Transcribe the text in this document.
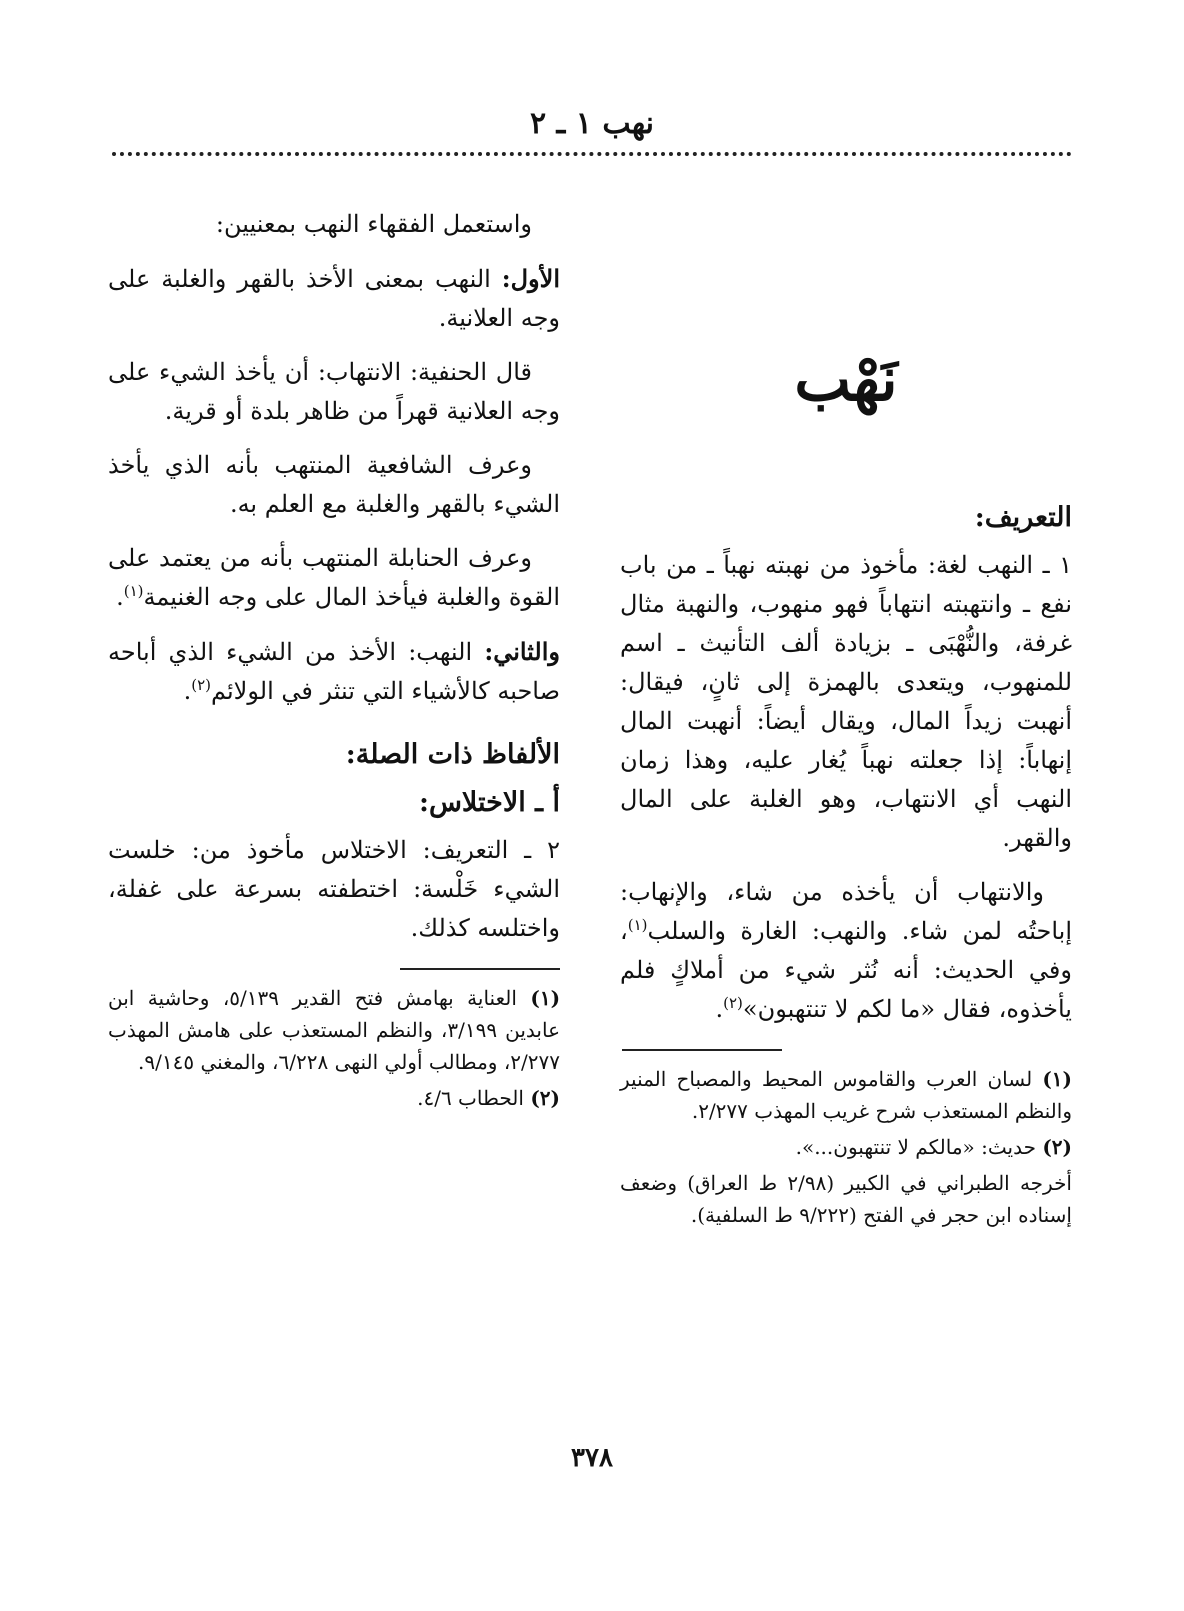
نهب ١ ـ ٢
نَهْب
التعريف:

١ ـ النهب لغة: مأخوذ من نهبته نهباً ـ من باب نفع ـ وانتهبته انتهاباً فهو منهوب، والنهبة مثال غرفة، والنُّهْبَى ـ بزيادة ألف التأنيث ـ اسم للمنهوب، ويتعدى بالهمزة إلى ثانٍ، فيقال: أنهبت زيداً المال، ويقال أيضاً: أنهبت المال إنهاباً: إذا جعلته نهباً يُغار عليه، وهذا زمان النهب أي الانتهاب، وهو الغلبة على المال والقهر.

والانتهاب أن يأخذه من شاء، والإنهاب: إباحتُه لمن شاء. والنهب: الغارة والسلب$^{(١)}$، وفي الحديث: أنه نُثر شيء من أملاكٍ فلم يأخذوه، فقال «ما لكم لا تنتهبون»$^{(٢)}$.

(١) لسان العرب والقاموس المحيط والمصباح المنير والنظم المستعذب شرح غريب المهذب ٢/٢٧٧.

(٢) حديث: «مالكم لا تنتهبون...».

أخرجه الطبراني في الكبير (٢/٩٨ ط العراق) وضعف إسناده ابن حجر في الفتح (٩/٢٢٢ ط السلفية).

واستعمل الفقهاء النهب بمعنيين:

الأول: النهب بمعنى الأخذ بالقهر والغلبة على وجه العلانية.

قال الحنفية: الانتهاب: أن يأخذ الشيء على وجه العلانية قهراً من ظاهر بلدة أو قرية.

وعرف الشافعية المنتهب بأنه الذي يأخذ الشيء بالقهر والغلبة مع العلم به.

وعرف الحنابلة المنتهب بأنه من يعتمد على القوة والغلبة فيأخذ المال على وجه الغنيمة$^{(١)}$.

والثاني: النهب: الأخذ من الشيء الذي أباحه صاحبه كالأشياء التي تنثر في الولائم$^{(٢)}$.

الألفاظ ذات الصلة:
أ ـ الاختلاس:

٢ ـ التعريف: الاختلاس مأخوذ من: خلست الشيء خَلْسة: اختطفته بسرعة على غفلة، واختلسه كذلك.

(١) العناية بهامش فتح القدير ٥/١٣٩، وحاشية ابن عابدين ٣/١٩٩، والنظم المستعذب على هامش المهذب ٢/٢٧٧، ومطالب أولي النهى ٦/٢٢٨، والمغني ٩/١٤٥.

(٢) الحطاب ٤/٦.

٣٧٨
